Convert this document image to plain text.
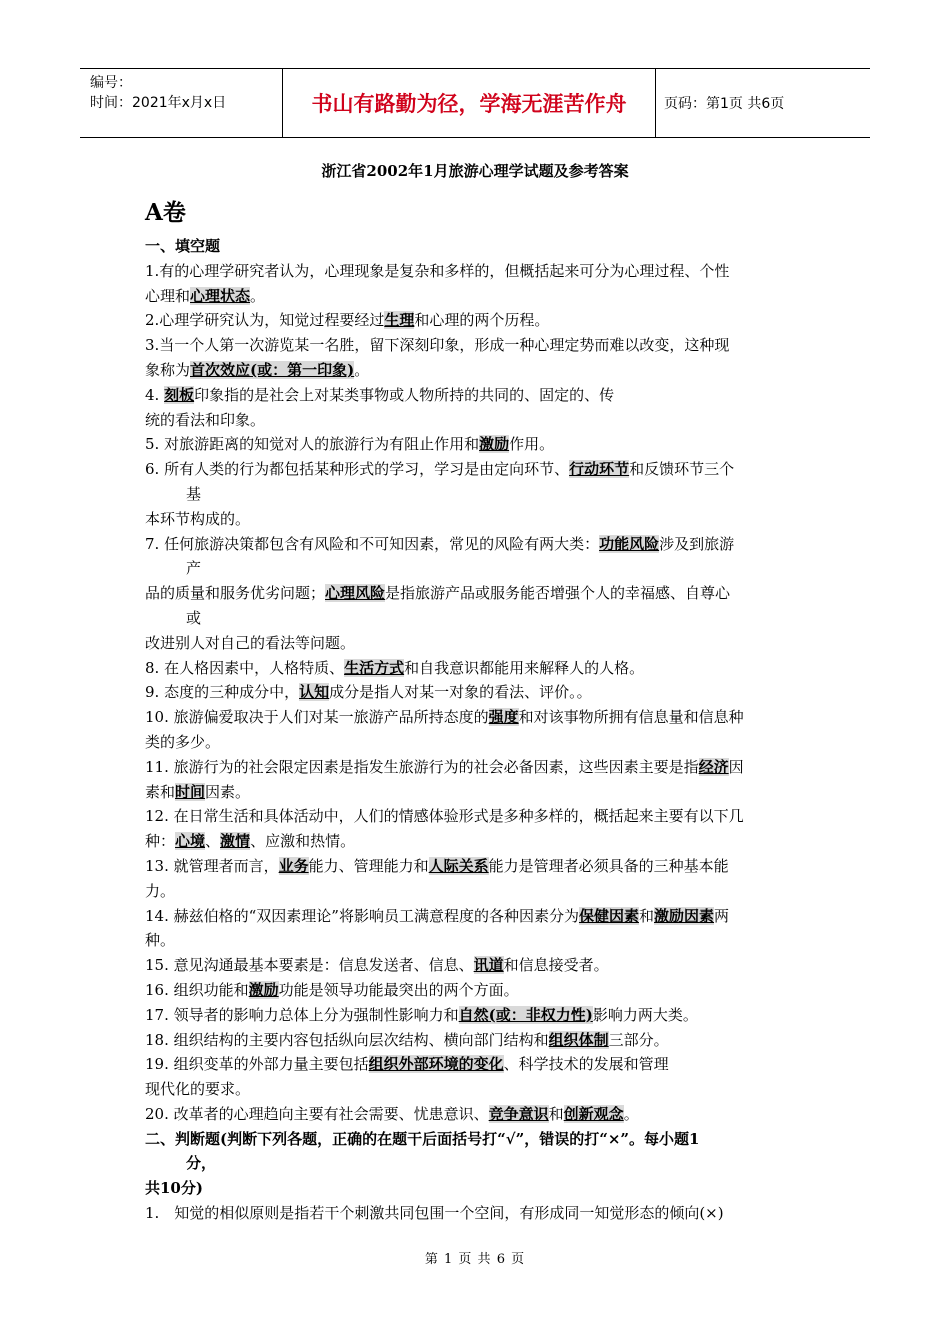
编号：
时间：2021年x月x日	书山有路勤为径，学海无涯苦作舟	页码：第1页 共6页
浙江省2002年1月旅游心理学试题及参考答案
A卷
一、填空题
1.有的心理学研究者认为，心理现象是复杂和多样的，但概括起来可分为心理过程、个性
心理和心理状态。
2.心理学研究认为，知觉过程要经过生理和心理的两个历程。
3.当一个人第一次游览某一名胜，留下深刻印象，形成一种心理定势而难以改变，这种现
象称为首次效应(或：第一印象)。
4. 刻板印象指的是社会上对某类事物或人物所持的共同的、固定的、传
统的看法和印象。
5. 对旅游距离的知觉对人的旅游行为有阻止作用和激励作用。
6. 所有人类的行为都包括某种形式的学习，学习是由定向环节、行动环节和反馈环节三个
基
本环节构成的。
7. 任何旅游决策都包含有风险和不可知因素，常见的风险有两大类：功能风险涉及到旅游
产
品的质量和服务优劣问题；心理风险是指旅游产品或服务能否增强个人的幸福感、自尊心
或
改进别人对自己的看法等问题。
8. 在人格因素中，人格特质、生活方式和自我意识都能用来解释人的人格。
9. 态度的三种成分中，认知成分是指人对某一对象的看法、评价。。
10. 旅游偏爱取决于人们对某一旅游产品所持态度的强度和对该事物所拥有信息量和信息种
类的多少。
11. 旅游行为的社会限定因素是指发生旅游行为的社会必备因素，这些因素主要是指经济因
素和时间因素。
12. 在日常生活和具体活动中，人们的情感体验形式是多种多样的，概括起来主要有以下几
种：心境、激情、应激和热情。
13. 就管理者而言，业务能力、管理能力和人际关系能力是管理者必须具备的三种基本能
力。
14. 赫兹伯格的“双因素理论”将影响员工满意程度的各种因素分为保健因素和激励因素两
种。
15. 意见沟通最基本要素是：信息发送者、信息、讯道和信息接受者。
16. 组织功能和激励功能是领导功能最突出的两个方面。
17. 领导者的影响力总体上分为强制性影响力和自然(或：非权力性)影响力两大类。
18. 组织结构的主要内容包括纵向层次结构、横向部门结构和组织体制三部分。
19. 组织变革的外部力量主要包括组织外部环境的变化、科学技术的发展和管理
现代化的要求。
20. 改革者的心理趋向主要有社会需要、忧患意识、竞争意识和创新观念。
二、判断题(判断下列各题，正确的在题干后面括号打“√”，错误的打“×”。每小题1
分，
共10分)
1.　知觉的相似原则是指若干个刺激共同包围一个空间，有形成同一知觉形态的倾向(×)
第 1 页 共 6 页
